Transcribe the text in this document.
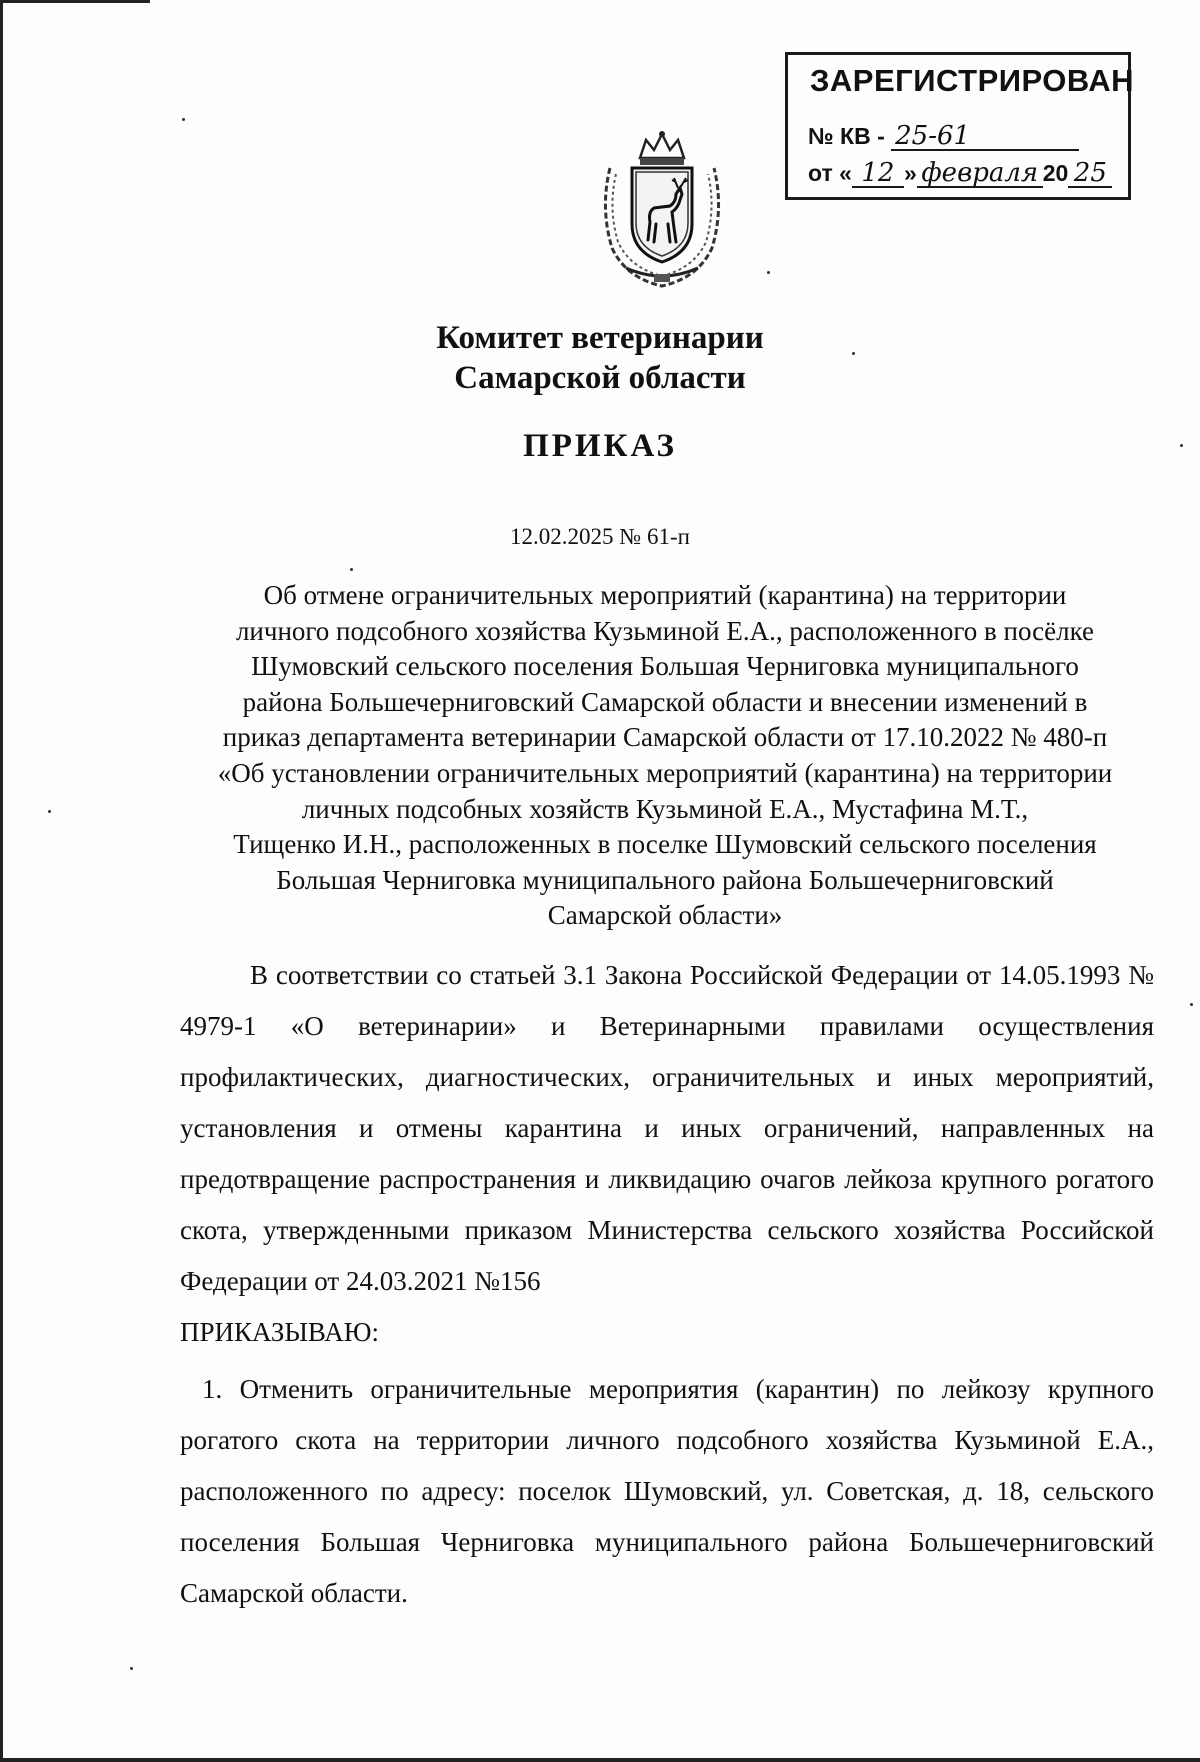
ЗАРЕГИСТРИРОВАН
№ КВ - 25-61
от « 12 » февраля 20 25
Комитет ветеринарии
Самарской области
ПРИКАЗ
12.02.2025 № 61-п
Об отмене ограничительных мероприятий (карантина) на территории
личного подсобного хозяйства Кузьминой Е.А., расположенного в посёлке
Шумовский сельского поселения Большая Черниговка муниципального
района Большечерниговский Самарской области и внесении изменений в
приказ департамента ветеринарии Самарской области от 17.10.2022 № 480-п
«Об установлении ограничительных мероприятий (карантина) на территории
личных подсобных хозяйств Кузьминой Е.А., Мустафина М.Т.,
Тищенко И.Н., расположенных в поселке Шумовский сельского поселения
Большая Черниговка муниципального района Большечерниговский
Самарской области»

В соответствии со статьей 3.1 Закона Российской Федерации от 14.05.1993 № 4979-1 «О ветеринарии» и Ветеринарными правилами осуществления профилактических, диагностических, ограничительных и иных мероприятий, установления и отмены карантина и иных ограничений, направленных на предотвращение распространения и ликвидацию очагов лейкоза крупного рогатого скота, утвержденными приказом Министерства сельского хозяйства Российской Федерации от 24.03.2021 №156

ПРИКАЗЫВАЮ:

1. Отменить ограничительные мероприятия (карантин) по лейкозу крупного рогатого скота на территории личного подсобного хозяйства Кузьминой Е.А., расположенного по адресу: поселок Шумовский, ул. Советская, д. 18, сельского поселения Большая Черниговка муниципального района Большечерниговский Самарской области.
